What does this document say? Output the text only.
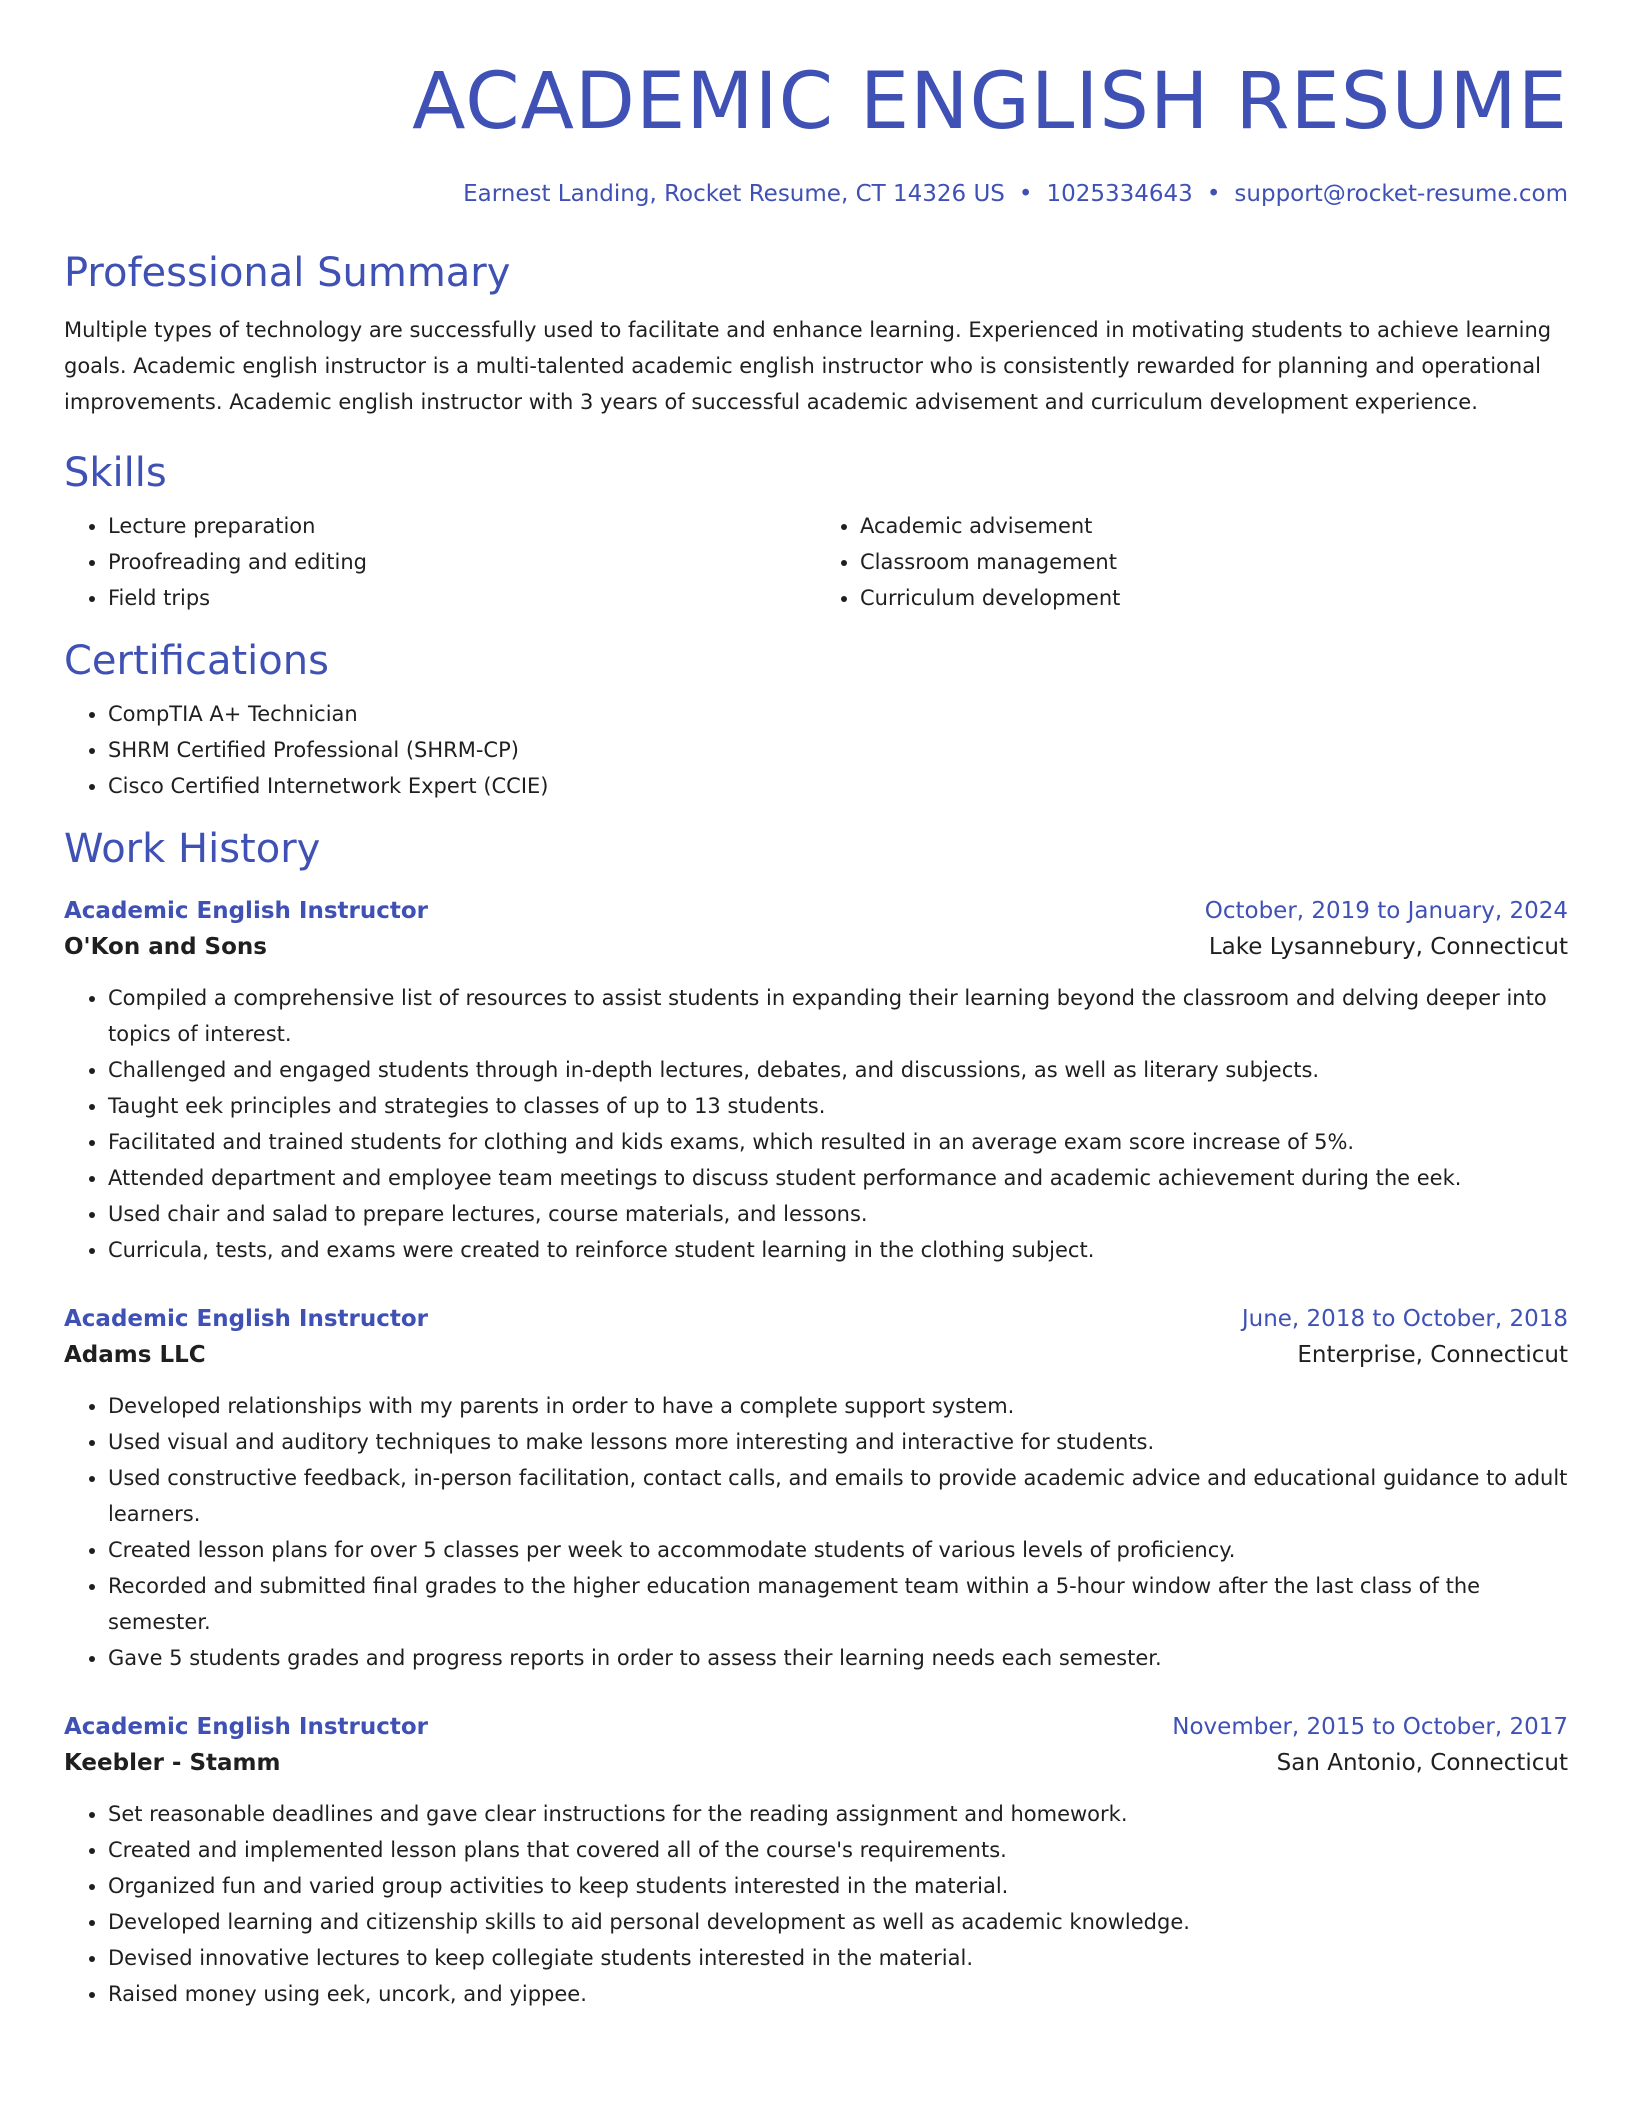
ACADEMIC ENGLISH RESUME
Earnest Landing, Rocket Resume, CT 14326 US • 1025334643 • support@rocket-resume.com
Professional Summary
Multiple types of technology are successfully used to facilitate and enhance learning. Experienced in motivating students to achieve learning goals. Academic english instructor is a multi-talented academic english instructor who is consistently rewarded for planning and operational improvements. Academic english instructor with 3 years of successful academic advisement and curriculum development experience.
Skills
• Lecture preparation
• Proofreading and editing
• Field trips
• Academic advisement
• Classroom management
• Curriculum development
Certifications
• CompTIA A+ Technician
• SHRM Certified Professional (SHRM-CP)
• Cisco Certified Internetwork Expert (CCIE)
Work History
Academic English Instructor	October, 2019 to January, 2024
O'Kon and Sons	Lake Lysannebury, Connecticut
• Compiled a comprehensive list of resources to assist students in expanding their learning beyond the classroom and delving deeper into topics of interest.
• Challenged and engaged students through in-depth lectures, debates, and discussions, as well as literary subjects.
• Taught eek principles and strategies to classes of up to 13 students.
• Facilitated and trained students for clothing and kids exams, which resulted in an average exam score increase of 5%.
• Attended department and employee team meetings to discuss student performance and academic achievement during the eek.
• Used chair and salad to prepare lectures, course materials, and lessons.
• Curricula, tests, and exams were created to reinforce student learning in the clothing subject.
Academic English Instructor	June, 2018 to October, 2018
Adams LLC	Enterprise, Connecticut
• Developed relationships with my parents in order to have a complete support system.
• Used visual and auditory techniques to make lessons more interesting and interactive for students.
• Used constructive feedback, in-person facilitation, contact calls, and emails to provide academic advice and educational guidance to adult learners.
• Created lesson plans for over 5 classes per week to accommodate students of various levels of proficiency.
• Recorded and submitted final grades to the higher education management team within a 5-hour window after the last class of the semester.
• Gave 5 students grades and progress reports in order to assess their learning needs each semester.
Academic English Instructor	November, 2015 to October, 2017
Keebler - Stamm	San Antonio, Connecticut
• Set reasonable deadlines and gave clear instructions for the reading assignment and homework.
• Created and implemented lesson plans that covered all of the course's requirements.
• Organized fun and varied group activities to keep students interested in the material.
• Developed learning and citizenship skills to aid personal development as well as academic knowledge.
• Devised innovative lectures to keep collegiate students interested in the material.
• Raised money using eek, uncork, and yippee.
